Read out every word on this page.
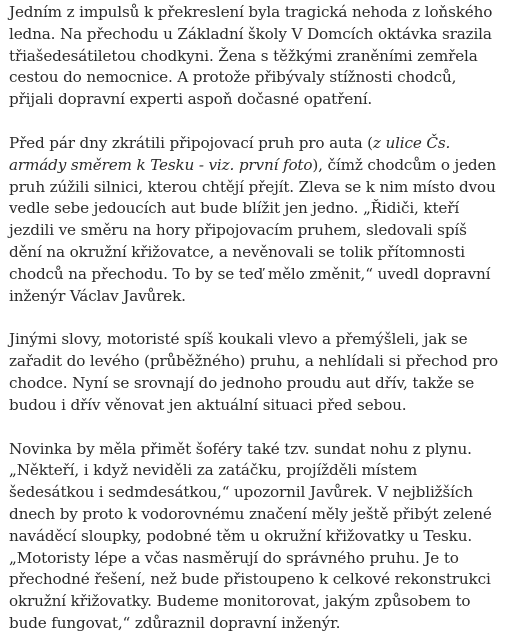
Jedním z impulsů k překreslení byla tragická nehoda z loňského ledna. Na přechodu u Základní školy V Domcích oktávka srazila třiašedesátiletou chodkyni. Žena s těžkými zraněními zemřela cestou do nemocnice. A protože přibývaly stížnosti chodců, přijali dopravní experti aspoň dočasné opatření.

Před pár dny zkrátili připojovací pruh pro auta (z ulice Čs. armády směrem k Tesku - viz. první foto), čímž chodcům o jeden pruh zúžili silnici, kterou chtějí přejít. Zleva se k nim místo dvou vedle sebe jedoucích aut bude blížit jen jedno. „Řidiči, kteří jezdili ve směru na hory připojovacím pruhem, sledovali spíš dění na okružní křižovatce, a nevěnovali se tolik přítomnosti chodců na přechodu. To by se teď mělo změnit,“ uvedl dopravní inženýr Václav Javůrek.

Jinými slovy, motoristé spíš koukali vlevo a přemýšleli, jak se zařadit do levého (průběžného) pruhu, a nehlídali si přechod pro chodce. Nyní se srovnají do jednoho proudu aut dřív, takže se budou i dřív věnovat jen aktuální situaci před sebou.

Novinka by měla přimět šoféry také tzv. sundat nohu z plynu. „Někteří, i když neviděli za zatáčku, projížděli místem šedesátkou i sedmdesátkou,“ upozornil Javůrek. V nejbližších dnech by proto k vodorovnému značení měly ještě přibýt zelené naváděcí sloupky, podobné těm u okružní křižovatky u Tesku. „Motoristy lépe a včas nasměrují do správného pruhu. Je to přechodné řešení, než bude přistoupeno k celkové rekonstrukci okružní křižovatky. Budeme monitorovat, jakým způsobem to bude fungovat,“ zdůraznil dopravní inženýr.
